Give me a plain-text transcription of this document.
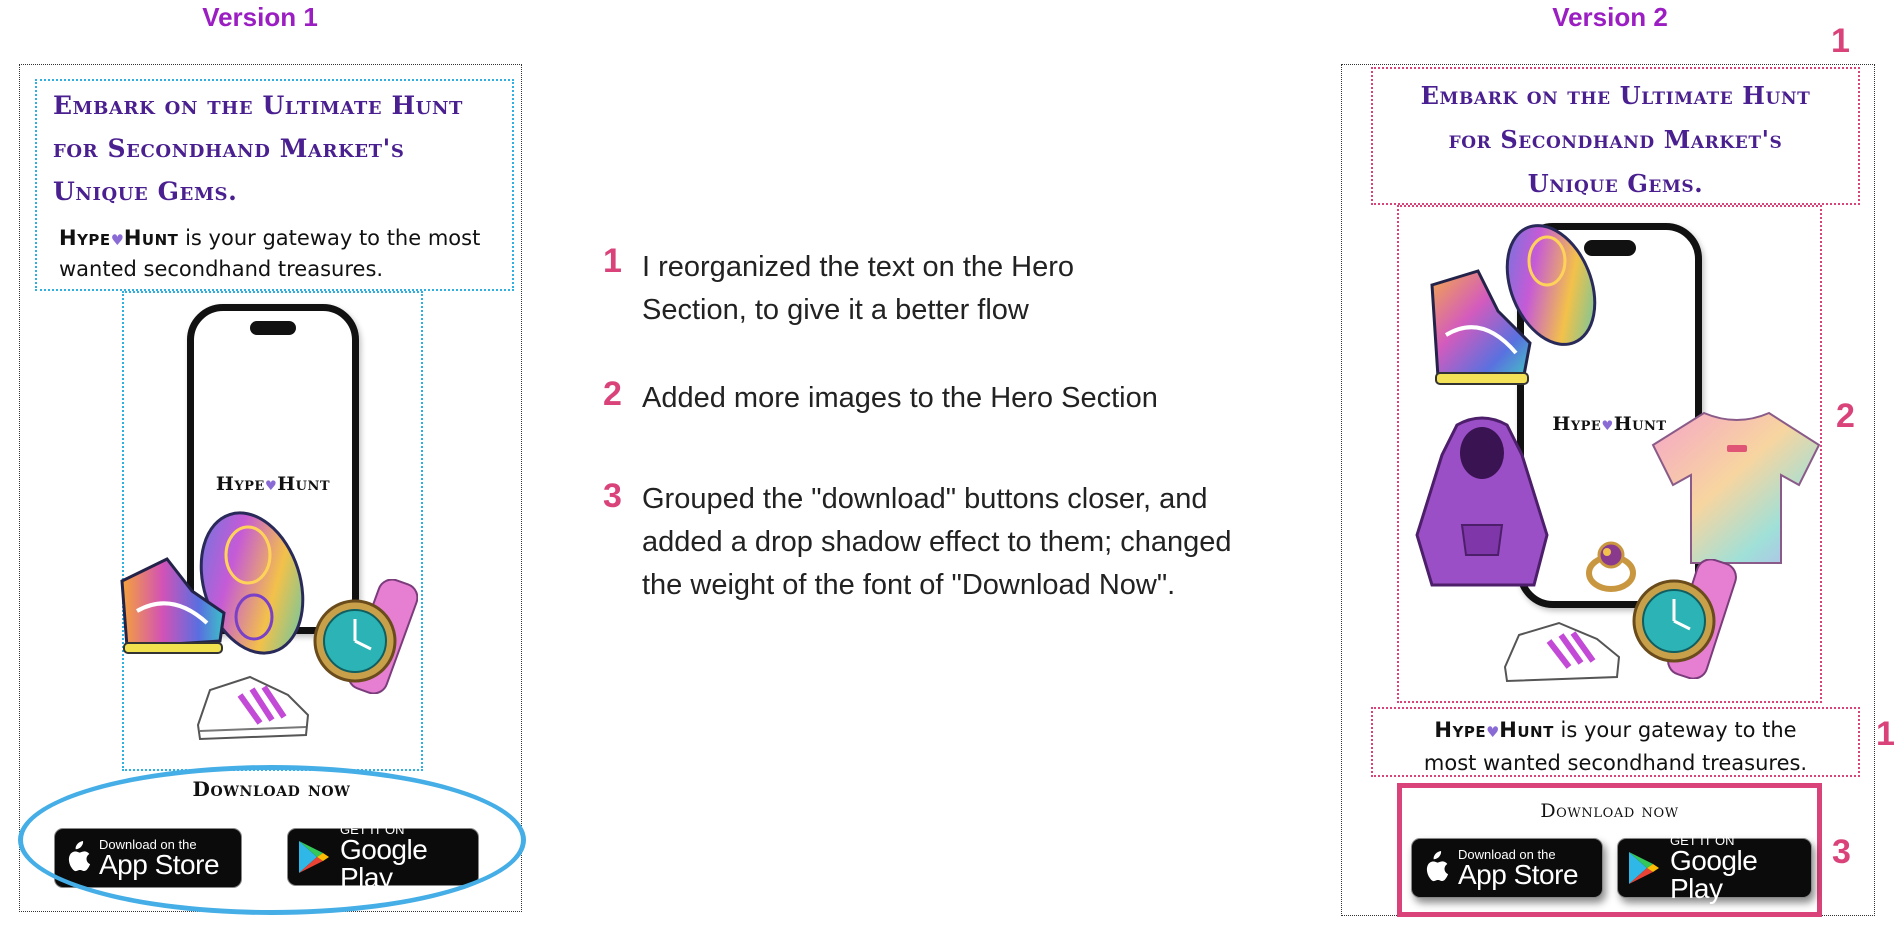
Version 1
Embark on the Ultimate Hunt
for Secondhand Market's
Unique Gems.
Hype♥Hunt is your gateway to the most
wanted secondhand treasures.
Hype♥Hunt
Download now
Download on the
App Store
GET IT ON
Google Play
1 I reorganized the text on the Hero
Section, to give it a better flow
2 Added more images to the Hero Section
3 Grouped the "download" buttons closer, and
added a drop shadow effect to them; changed
the weight of the font of "Download Now".
Version 2
Embark on the Ultimate Hunt
for Secondhand Market's
Unique Gems.
Hype♥Hunt
Hype♥Hunt is your gateway to the
most wanted secondhand treasures.
Download now
Download on the
App Store
GET IT ON
Google Play
1
2
1
3
